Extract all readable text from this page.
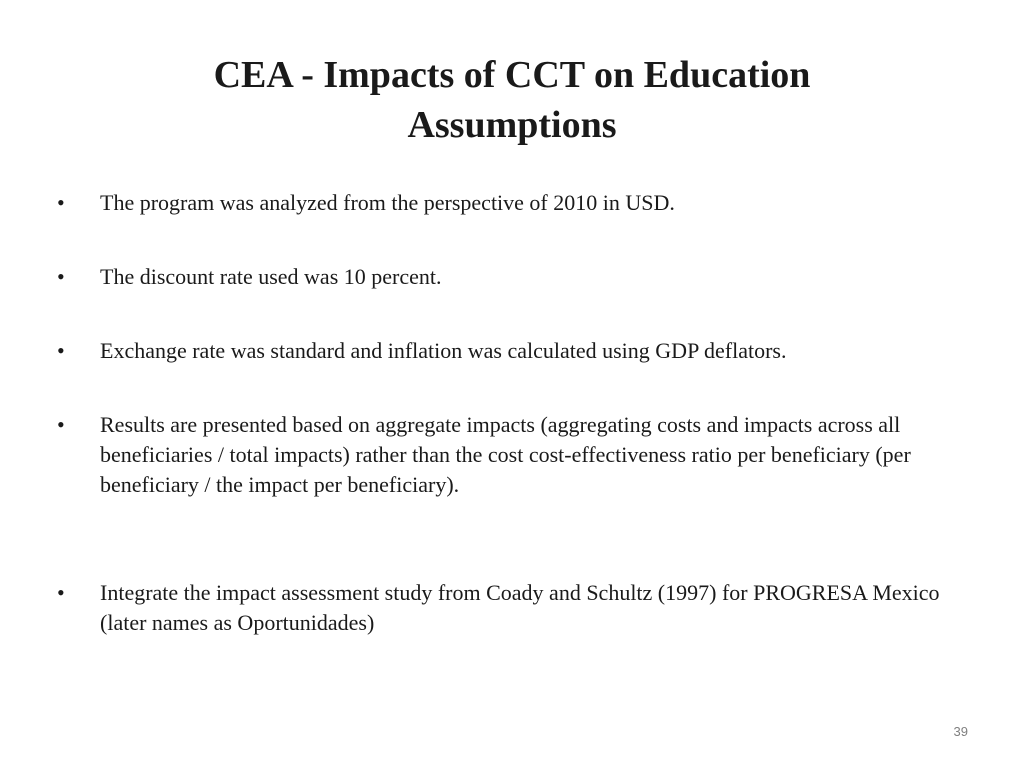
CEA - Impacts of CCT on Education
Assumptions
•	The program was analyzed from the perspective of 2010 in USD.
•	The discount rate used was 10 percent.
•	Exchange rate was standard and inflation was calculated using GDP deflators.
•	Results are presented based on aggregate impacts (aggregating costs and impacts across all beneficiaries / total impacts) rather than the cost cost-effectiveness ratio per beneficiary (per beneficiary / the impact per beneficiary).
•	Integrate the impact assessment study from Coady and Schultz (1997) for PROGRESA Mexico (later names as Oportunidades)
39
